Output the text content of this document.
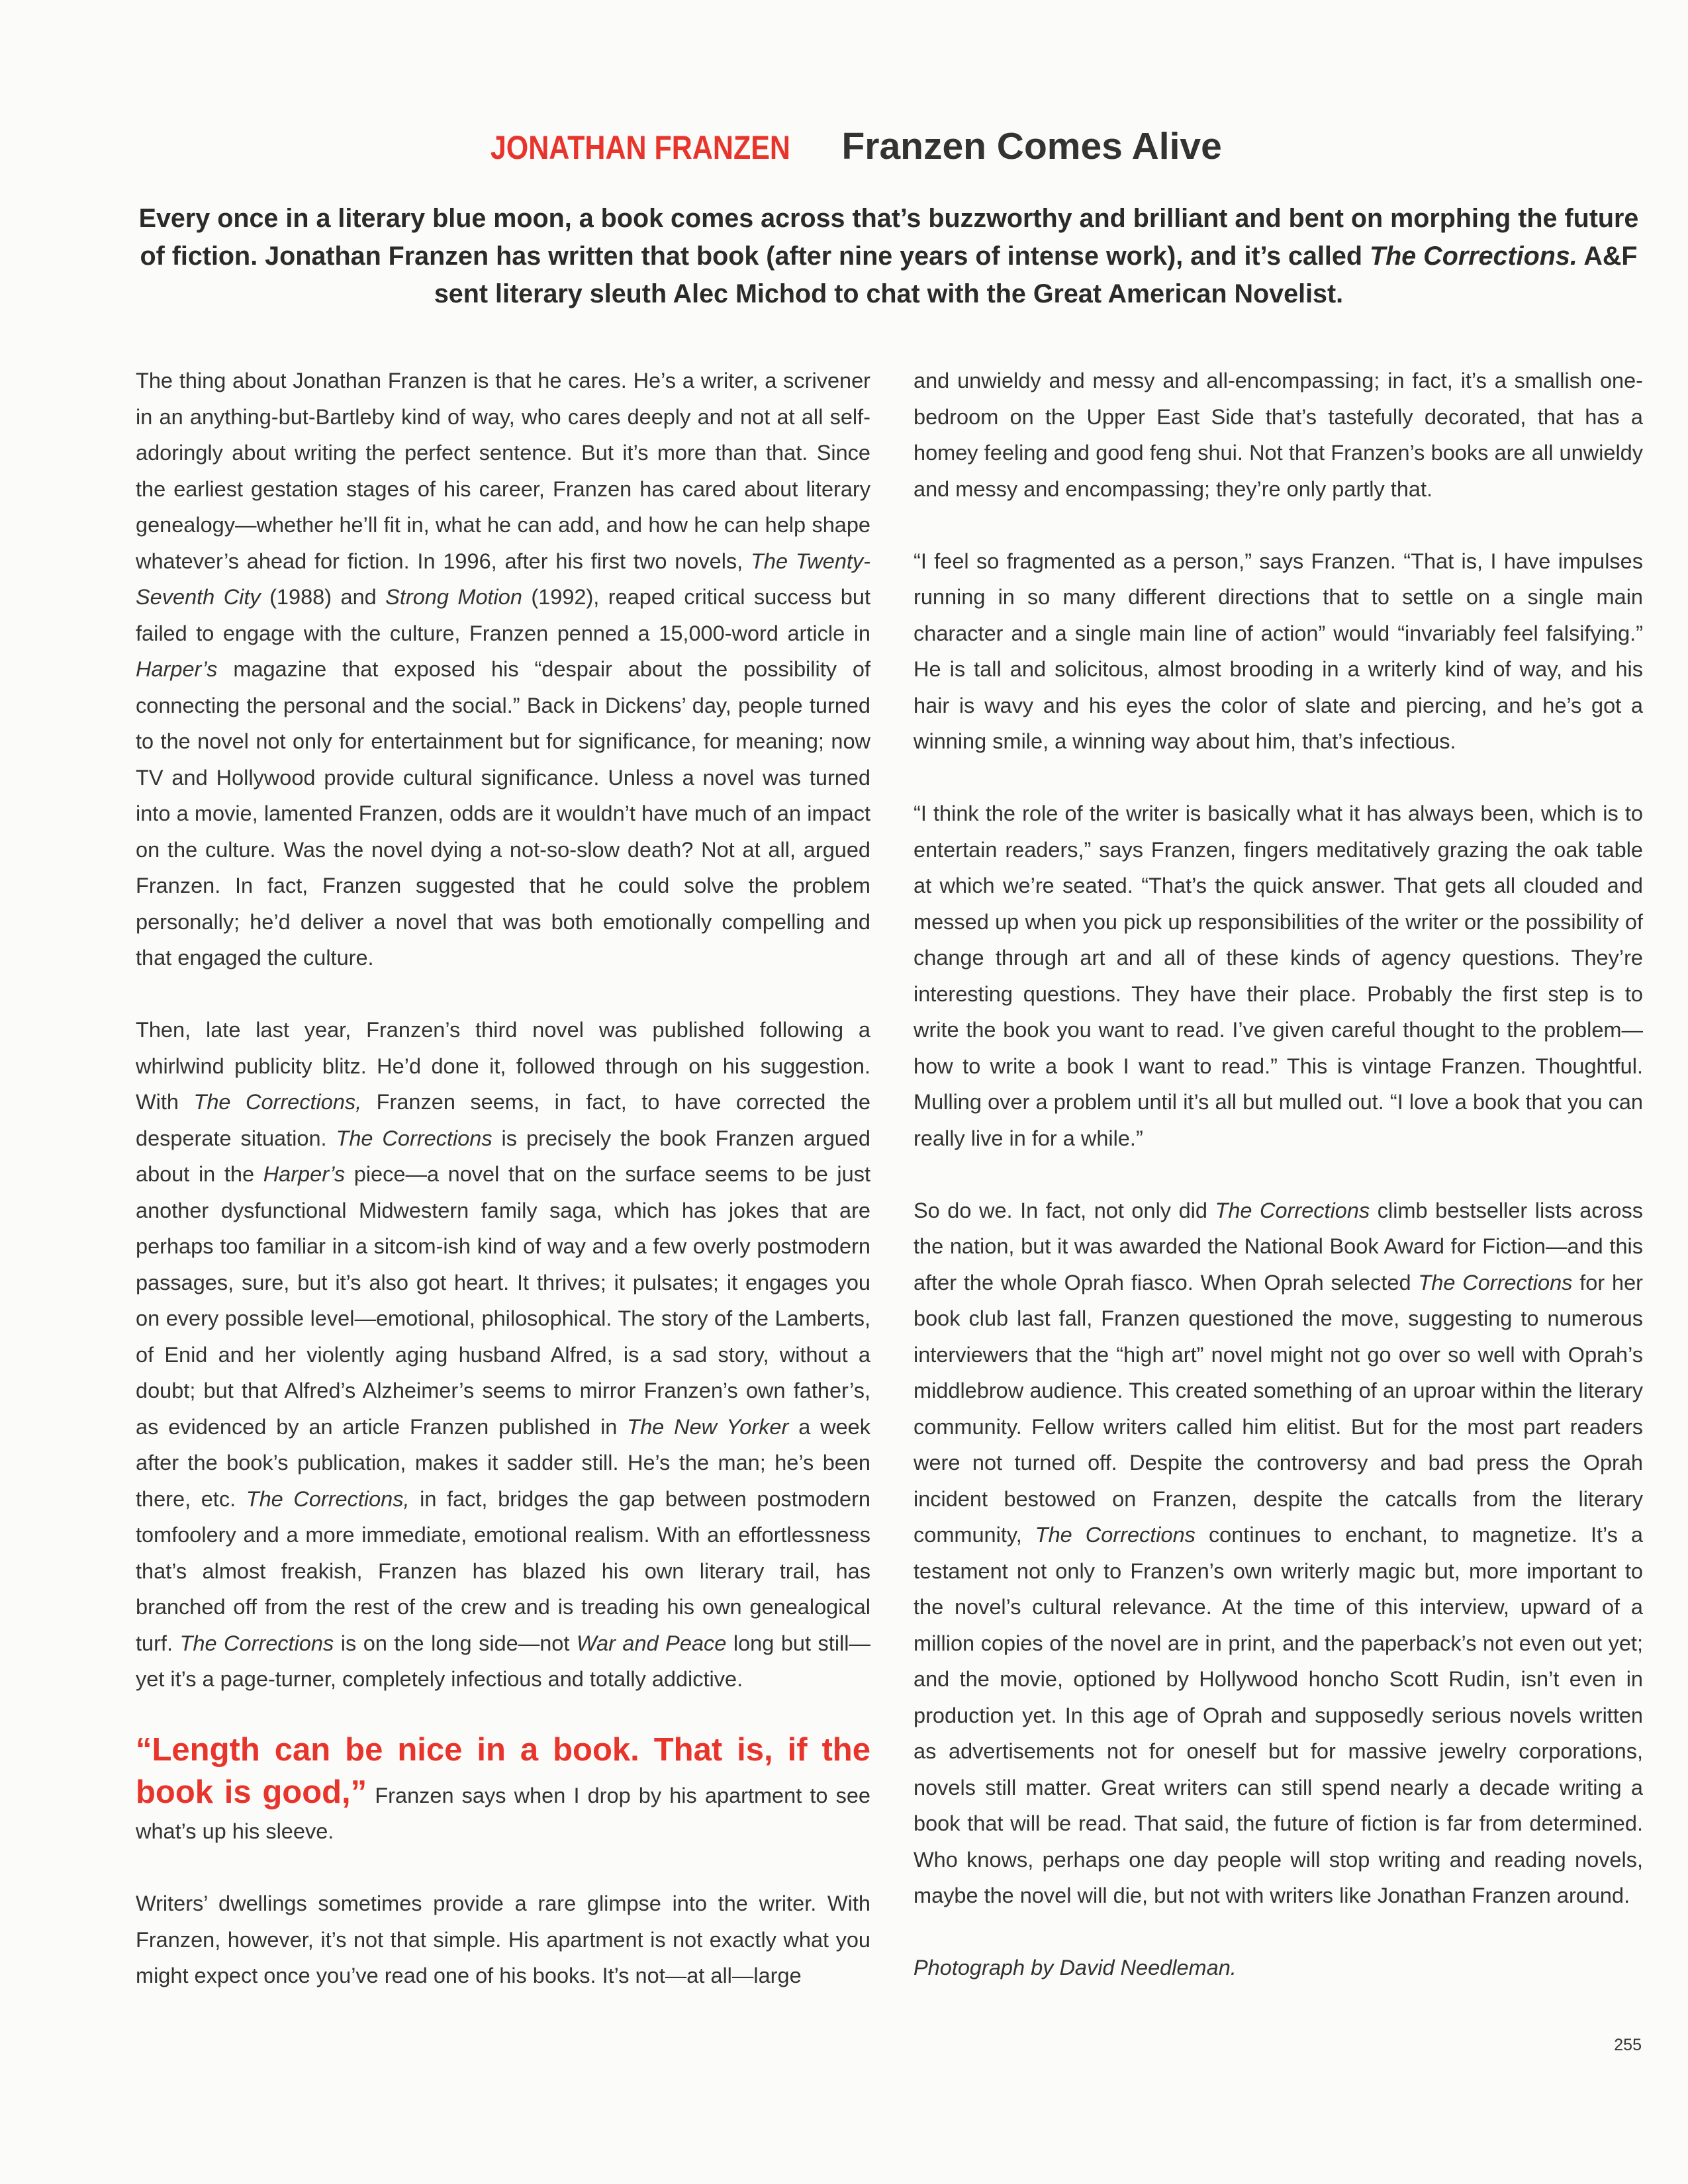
JONATHAN FRANZEN Franzen Comes Alive
Every once in a literary blue moon, a book comes across that’s buzzworthy and brilliant and bent on morphing the future of fiction. Jonathan Franzen has written that book (after nine years of intense work), and it’s called The Corrections. A&F sent literary sleuth Alec Michod to chat with the Great American Novelist.

The thing about Jonathan Franzen is that he cares. He’s a writer, a scrivener in an anything-but-Bartleby kind of way, who cares deeply and not at all self-adoringly about writing the perfect sentence. But it’s more than that. Since the earliest gestation stages of his career, Franzen has cared about literary genealogy—whether he’ll fit in, what he can add, and how he can help shape whatever’s ahead for fiction. In 1996, after his first two novels, The Twenty-Seventh City (1988) and Strong Motion (1992), reaped critical success but failed to engage with the culture, Franzen penned a 15,000-word article in Harper’s magazine that exposed his “despair about the possibility of connecting the personal and the social.” Back in Dickens’ day, people turned to the novel not only for entertainment but for significance, for meaning; now TV and Hollywood provide cultural significance. Unless a novel was turned into a movie, lamented Franzen, odds are it wouldn’t have much of an impact on the culture. Was the novel dying a not-so-slow death? Not at all, argued Franzen. In fact, Franzen suggested that he could solve the problem personally; he’d deliver a novel that was both emotionally compelling and that engaged the culture.

Then, late last year, Franzen’s third novel was published following a whirlwind publicity blitz. He’d done it, followed through on his suggestion. With The Corrections, Franzen seems, in fact, to have corrected the desperate situation. The Corrections is precisely the book Franzen argued about in the Harper’s piece—a novel that on the surface seems to be just another dysfunctional Midwestern family saga, which has jokes that are perhaps too familiar in a sitcom-ish kind of way and a few overly postmodern passages, sure, but it’s also got heart. It thrives; it pulsates; it engages you on every possible level—emotional, philosophical. The story of the Lamberts, of Enid and her violently aging husband Alfred, is a sad story, without a doubt; but that Alfred’s Alzheimer’s seems to mirror Franzen’s own father’s, as evidenced by an article Franzen published in The New Yorker a week after the book’s publication, makes it sadder still. He’s the man; he’s been there, etc. The Corrections, in fact, bridges the gap between postmodern tomfoolery and a more immediate, emotional realism. With an effortlessness that’s almost freakish, Franzen has blazed his own literary trail, has branched off from the rest of the crew and is treading his own genealogical turf. The Corrections is on the long side—not War and Peace long but still—yet it’s a page-turner, completely infectious and totally addictive.

“Length can be nice in a book. That is, if the book is good,” Franzen says when I drop by his apartment to see what’s up his sleeve.

Writers’ dwellings sometimes provide a rare glimpse into the writer. With Franzen, however, it’s not that simple. His apartment is not exactly what you might expect once you’ve read one of his books. It’s not—at all—large

and unwieldy and messy and all-encompassing; in fact, it’s a smallish one-bedroom on the Upper East Side that’s tastefully decorated, that has a homey feeling and good feng shui. Not that Franzen’s books are all unwieldy and messy and encompassing; they’re only partly that.

“I feel so fragmented as a person,” says Franzen. “That is, I have impulses running in so many different directions that to settle on a single main character and a single main line of action” would “invariably feel falsifying.” He is tall and solicitous, almost brooding in a writerly kind of way, and his hair is wavy and his eyes the color of slate and piercing, and he’s got a winning smile, a winning way about him, that’s infectious.

“I think the role of the writer is basically what it has always been, which is to entertain readers,” says Franzen, fingers meditatively grazing the oak table at which we’re seated. “That’s the quick answer. That gets all clouded and messed up when you pick up responsibilities of the writer or the possibility of change through art and all of these kinds of agency questions. They’re interesting questions. They have their place. Probably the first step is to write the book you want to read. I’ve given careful thought to the problem—how to write a book I want to read.” This is vintage Franzen. Thoughtful. Mulling over a problem until it’s all but mulled out. “I love a book that you can really live in for a while.”

So do we. In fact, not only did The Corrections climb bestseller lists across the nation, but it was awarded the National Book Award for Fiction—and this after the whole Oprah fiasco. When Oprah selected The Corrections for her book club last fall, Franzen questioned the move, suggesting to numerous interviewers that the “high art” novel might not go over so well with Oprah’s middlebrow audience. This created something of an uproar within the literary community. Fellow writers called him elitist. But for the most part readers were not turned off. Despite the controversy and bad press the Oprah incident bestowed on Franzen, despite the catcalls from the literary community, The Corrections continues to enchant, to magnetize. It’s a testament not only to Franzen’s own writerly magic but, more important to the novel’s cultural relevance. At the time of this interview, upward of a million copies of the novel are in print, and the paperback’s not even out yet; and the movie, optioned by Hollywood honcho Scott Rudin, isn’t even in production yet. In this age of Oprah and supposedly serious novels written as advertisements not for oneself but for massive jewelry corporations, novels still matter. Great writers can still spend nearly a decade writing a book that will be read. That said, the future of fiction is far from determined. Who knows, perhaps one day people will stop writing and reading novels, maybe the novel will die, but not with writers like Jonathan Franzen around.

Photograph by David Needleman.

255
